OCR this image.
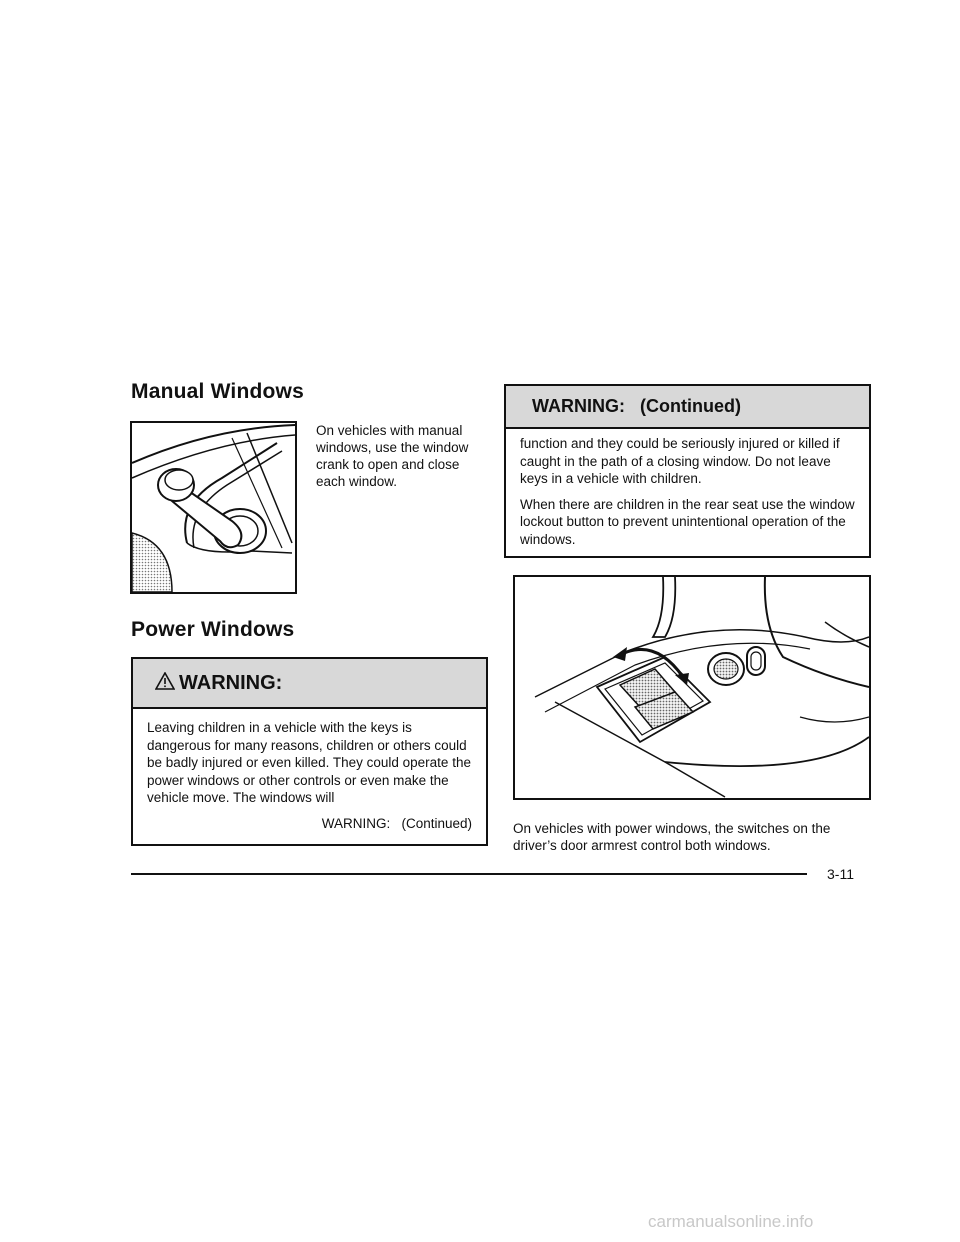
Manual Windows
On vehicles with manual windows, use the window crank to open and close each window.
Power Windows
WARNING:

Leaving children in a vehicle with the keys is dangerous for many reasons, children or others could be badly injured or even killed. They could operate the power windows or other controls or even make the vehicle move. The windows will

WARNING:   (Continued)

WARNING:   (Continued)

function and they could be seriously injured or killed if caught in the path of a closing window. Do not leave keys in a vehicle with children.

When there are children in the rear seat use the window lockout button to prevent unintentional operation of the windows.

On vehicles with power windows, the switches on the driver’s door armrest control both windows.
3-11
carmanualsonline.info
